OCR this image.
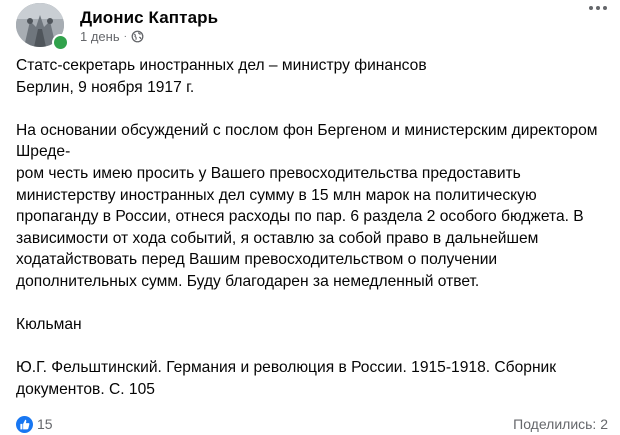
Дионис Каптарь
1 день ·

Статс-секретарь иностранных дел – министру финансов
Берлин, 9 ноября 1917 г.

На основании обсуждений с послом фон Бергеном и министерским директором Шреде-
ром честь имею просить у Вашего превосходительства предоставить министерству иностранных дел сумму в 15 млн марок на политическую пропаганду в России, отнеся расходы по пар. 6 раздела 2 особого бюджета. В зависимости от хода событий, я оставлю за собой право в дальнейшем ходатайствовать перед Вашим превосходительством о получении дополнительных сумм. Буду благодарен за немедленный ответ.

Кюльман

Ю.Г. Фельштинский. Германия и революция в России. 1915-1918. Сборник документов. С. 105

15	Поделились: 2
